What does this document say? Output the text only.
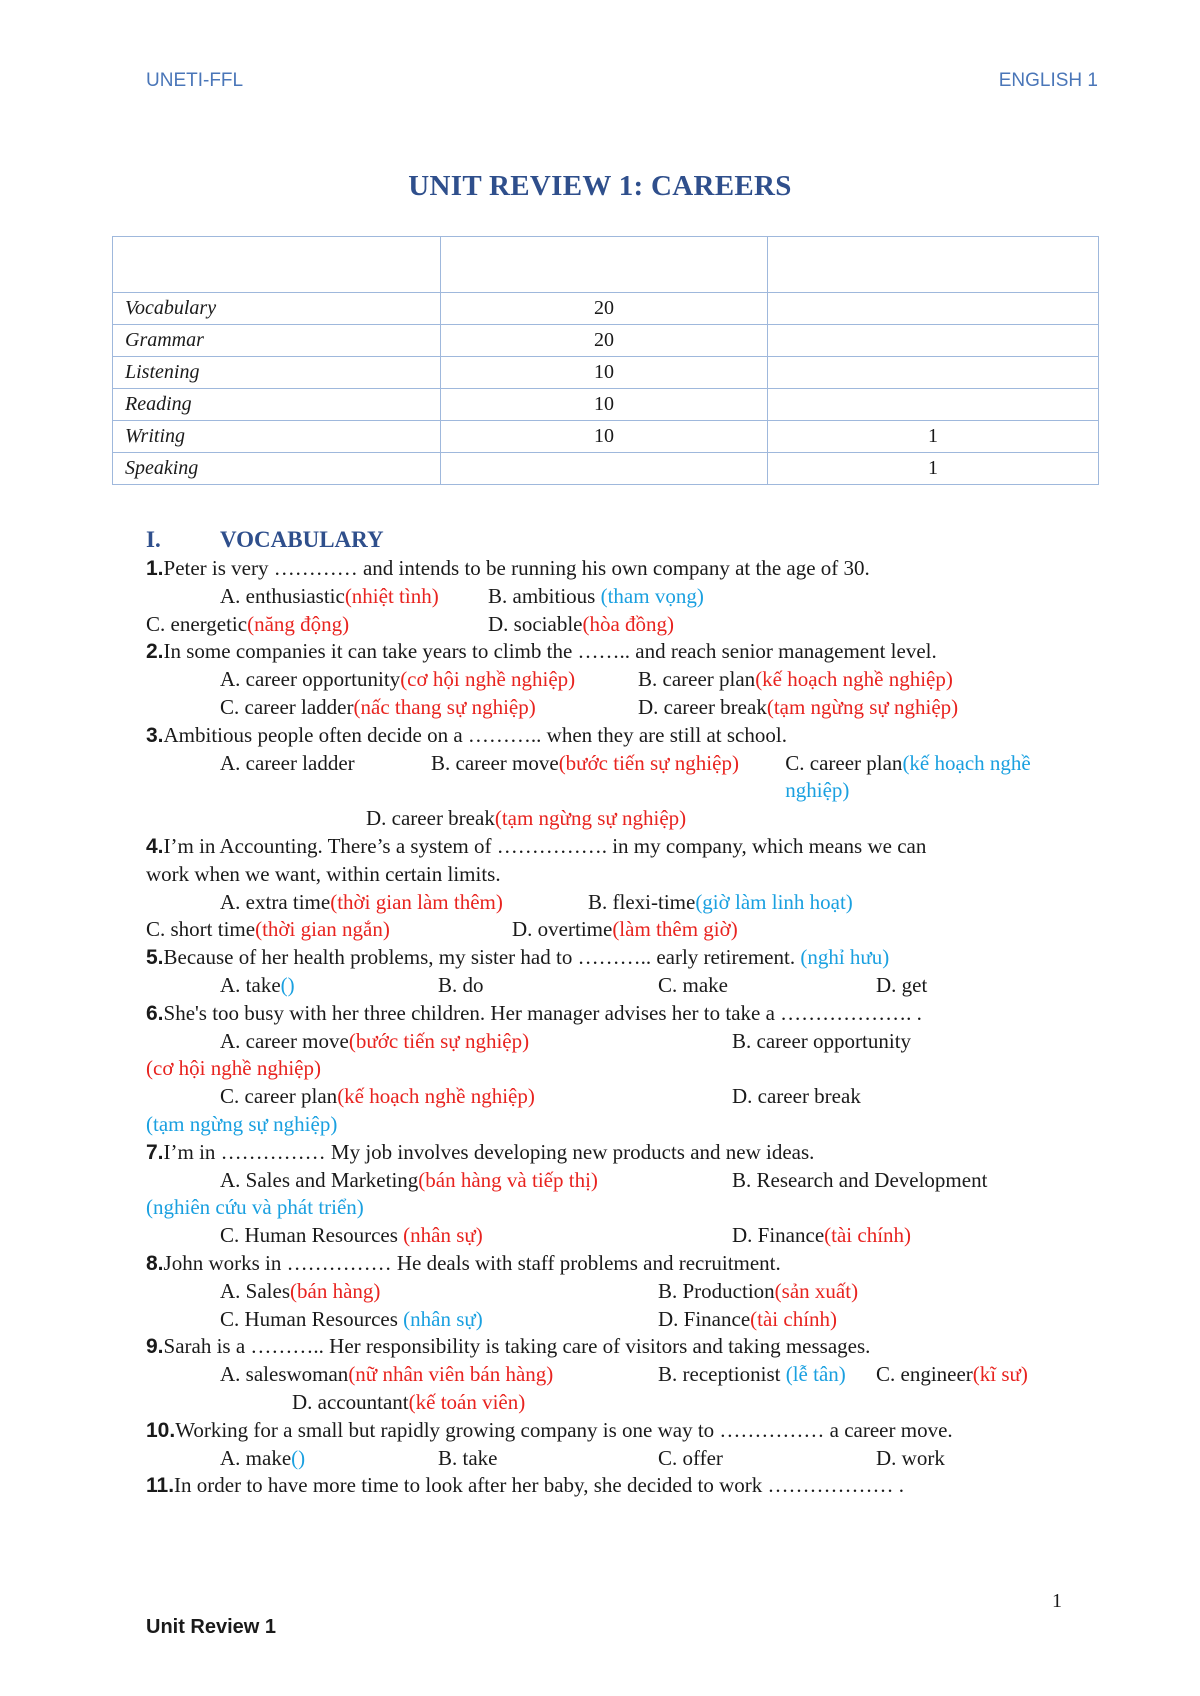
UNETI-FFL	ENGLISH 1
UNIT REVIEW 1: CAREERS

Vocabulary	20	
Grammar	20	
Listening	10	
Reading	10	
Writing	10	1
Speaking		1
I.	VOCABULARY
1.Peter is very ………… and intends to be running his own company at the age of 30.
A. enthusiastic(nhiệt tình)	B. ambitious (tham vọng)
C. energetic(năng động)	D. sociable(hòa đồng)
2.In some companies it can take years to climb the …….. and reach senior management level.
A. career opportunity(cơ hội nghề nghiệp)	B. career plan(kế hoạch nghề nghiệp)
C. career ladder(nấc thang sự nghiệp)	D. career break(tạm ngừng sự nghiệp)
3.Ambitious people often decide on a ……….. when they are still at school.
A. career ladder	B. career move(bước tiến sự nghiệp)	C. career plan(kế hoạch nghề nghiệp)
D. career break(tạm ngừng sự nghiệp)
4.I’m in Accounting. There’s a system of ……………. in my company, which means we can
work when we want, within certain limits.
A. extra time(thời gian làm thêm)	B. flexi-time(giờ làm linh hoạt)
C. short time(thời gian ngắn)	D. overtime(làm thêm giờ)
5.Because of her health problems, my sister had to ……….. early retirement. (nghỉ hưu)
A. take()	B. do	C. make	D. get
6.She's too busy with her three children. Her manager advises her to take a ………………. .
A. career move(bước tiến sự nghiệp)	B. career opportunity
(cơ hội nghề nghiệp)
C. career plan(kế hoạch nghề nghiệp)	D. career break
(tạm ngừng sự nghiệp)
7.I’m in …………… My job involves developing new products and new ideas.
A. Sales and Marketing(bán hàng và tiếp thị)	B. Research and Development
(nghiên cứu và phát triển)
C. Human Resources (nhân sự)	D. Finance(tài chính)
8.John works in …………… He deals with staff problems and recruitment.
A. Sales(bán hàng)	B. Production(sản xuất)
C. Human Resources (nhân sự)	D. Finance(tài chính)
9.Sarah is a ……….. Her responsibility is taking care of visitors and taking messages.
A. saleswoman(nữ nhân viên bán hàng)	B. receptionist (lễ tân)	C. engineer(kĩ sư)
D. accountant(kế toán viên)
10.Working for a small but rapidly growing company is one way to …………… a career move.
A. make()	B. take	C. offer	D. work
11.In order to have more time to look after her baby, she decided to work ……………… .
1
Unit Review 1
